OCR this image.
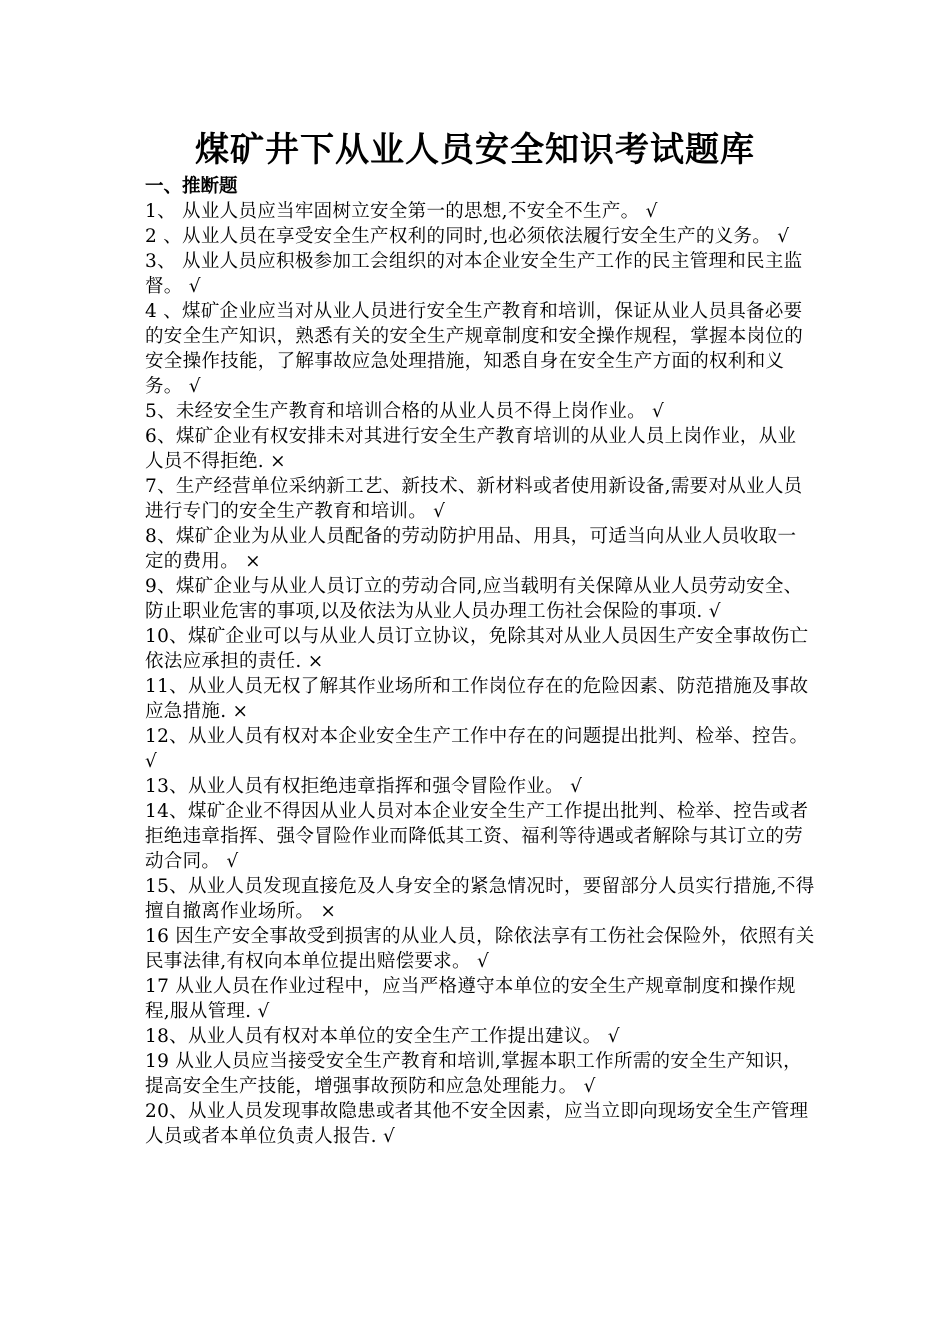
煤矿井下从业人员安全知识考试题库

一、推断题

1、 从业人员应当牢固树立安全第一的思想,不安全不生产。 √

2 、从业人员在享受安全生产权利的同时,也必须依法履行安全生产的义务。 √

3、 从业人员应积极参加工会组织的对本企业安全生产工作的民主管理和民主监督。 √

4 、煤矿企业应当对从业人员进行安全生产教育和培训，保证从业人员具备必要的安全生产知识，熟悉有关的安全生产规章制度和安全操作规程，掌握本岗位的安全操作技能，了解事故应急处理措施，知悉自身在安全生产方面的权利和义务。 √

5、未经安全生产教育和培训合格的从业人员不得上岗作业。 √

6、煤矿企业有权安排未对其进行安全生产教育培训的从业人员上岗作业，从业人员不得拒绝. ×

7、生产经营单位采纳新工艺、新技术、新材料或者使用新设备,需要对从业人员进行专门的安全生产教育和培训。 √

8、煤矿企业为从业人员配备的劳动防护用品、用具，可适当向从业人员收取一定的费用。 ×

9、煤矿企业与从业人员订立的劳动合同,应当载明有关保障从业人员劳动安全、防止职业危害的事项,以及依法为从业人员办理工伤社会保险的事项. √

10、煤矿企业可以与从业人员订立协议，免除其对从业人员因生产安全事故伤亡依法应承担的责任. ×

11、从业人员无权了解其作业场所和工作岗位存在的危险因素、防范措施及事故应急措施. ×

12、从业人员有权对本企业安全生产工作中存在的问题提出批判、检举、控告。 √

13、从业人员有权拒绝违章指挥和强令冒险作业。 √

14、煤矿企业不得因从业人员对本企业安全生产工作提出批判、检举、控告或者拒绝违章指挥、强令冒险作业而降低其工资、福利等待遇或者解除与其订立的劳动合同。 √

15、从业人员发现直接危及人身安全的紧急情况时，要留部分人员实行措施,不得擅自撤离作业场所。 ×

16 因生产安全事故受到损害的从业人员，除依法享有工伤社会保险外，依照有关民事法律,有权向本单位提出赔偿要求。 √

17 从业人员在作业过程中，应当严格遵守本单位的安全生产规章制度和操作规程,服从管理. √

18、从业人员有权对本单位的安全生产工作提出建议。 √

19 从业人员应当接受安全生产教育和培训,掌握本职工作所需的安全生产知识，提高安全生产技能，增强事故预防和应急处理能力。 √

20、从业人员发现事故隐患或者其他不安全因素，应当立即向现场安全生产管理人员或者本单位负责人报告. √
